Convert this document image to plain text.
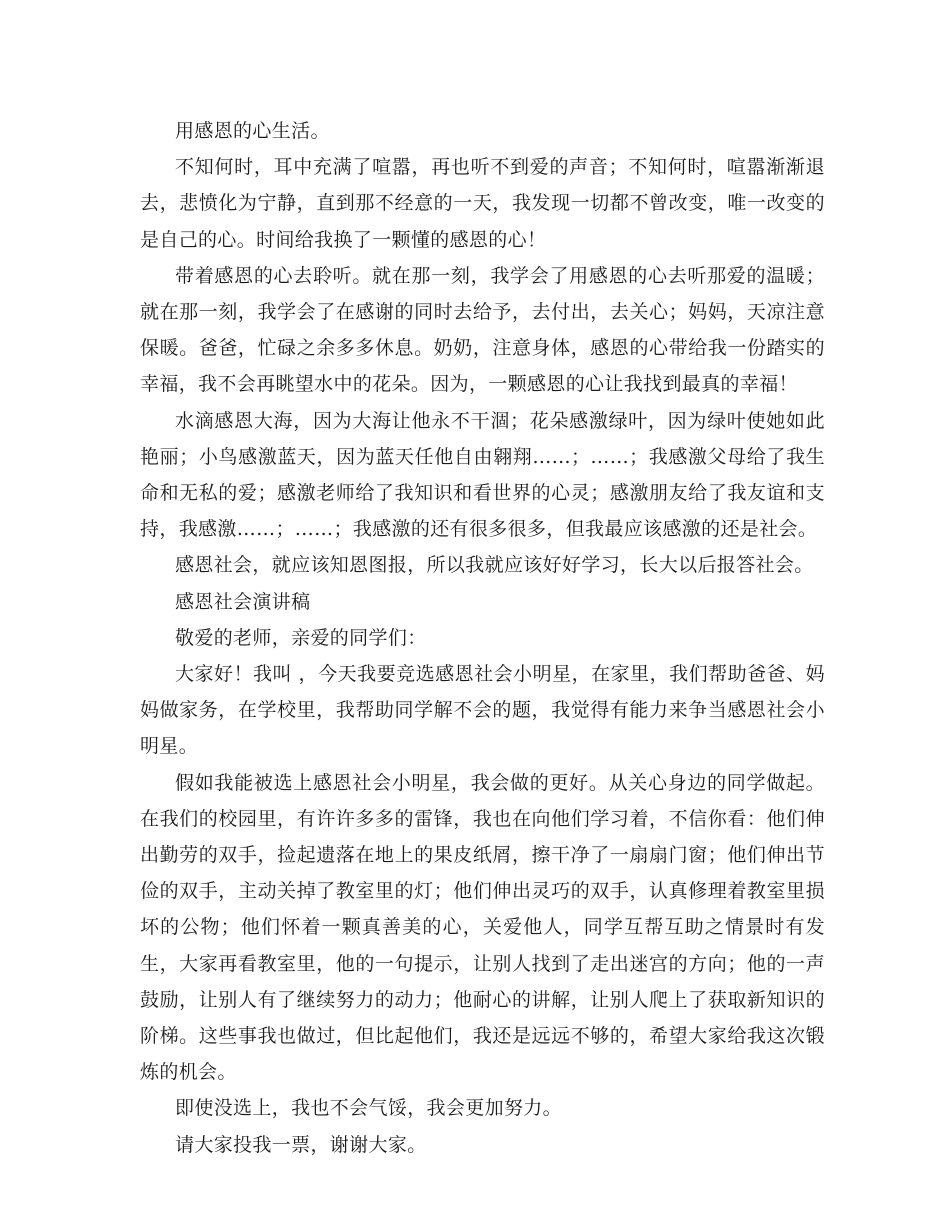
用感恩的心生活。

不知何时，耳中充满了喧嚣，再也听不到爱的声音；不知何时，喧嚣渐渐退去，悲愤化为宁静，直到那不经意的一天，我发现一切都不曾改变，唯一改变的是自己的心。时间给我换了一颗懂的感恩的心！

带着感恩的心去聆听。就在那一刻，我学会了用感恩的心去听那爱的温暖；就在那一刻，我学会了在感谢的同时去给予，去付出，去关心；妈妈，天凉注意保暖。爸爸，忙碌之余多多休息。奶奶，注意身体，感恩的心带给我一份踏实的幸福，我不会再眺望水中的花朵。因为，一颗感恩的心让我找到最真的幸福！

水滴感恩大海，因为大海让他永不干涸；花朵感激绿叶，因为绿叶使她如此艳丽；小鸟感激蓝天，因为蓝天任他自由翱翔……；……；我感激父母给了我生命和无私的爱；感激老师给了我知识和看世界的心灵；感激朋友给了我友谊和支持，我感激……；……；我感激的还有很多很多，但我最应该感激的还是社会。

感恩社会，就应该知恩图报，所以我就应该好好学习，长大以后报答社会。

感恩社会演讲稿

敬爱的老师，亲爱的同学们：

大家好！我叫 ，今天我要竞选感恩社会小明星，在家里，我们帮助爸爸、妈妈做家务，在学校里，我帮助同学解不会的题，我觉得有能力来争当感恩社会小明星。

假如我能被选上感恩社会小明星，我会做的更好。从关心身边的同学做起。在我们的校园里，有许许多多的雷锋，我也在向他们学习着，不信你看：他们伸出勤劳的双手，捡起遗落在地上的果皮纸屑，擦干净了一扇扇门窗；他们伸出节俭的双手，主动关掉了教室里的灯；他们伸出灵巧的双手，认真修理着教室里损坏的公物；他们怀着一颗真善美的心，关爱他人，同学互帮互助之情景时有发生，大家再看教室里，他的一句提示，让别人找到了走出迷宫的方向；他的一声鼓励，让别人有了继续努力的动力；他耐心的讲解，让别人爬上了获取新知识的阶梯。这些事我也做过，但比起他们，我还是远远不够的，希望大家给我这次锻炼的机会。

即使没选上，我也不会气馁，我会更加努力。

请大家投我一票，谢谢大家。
